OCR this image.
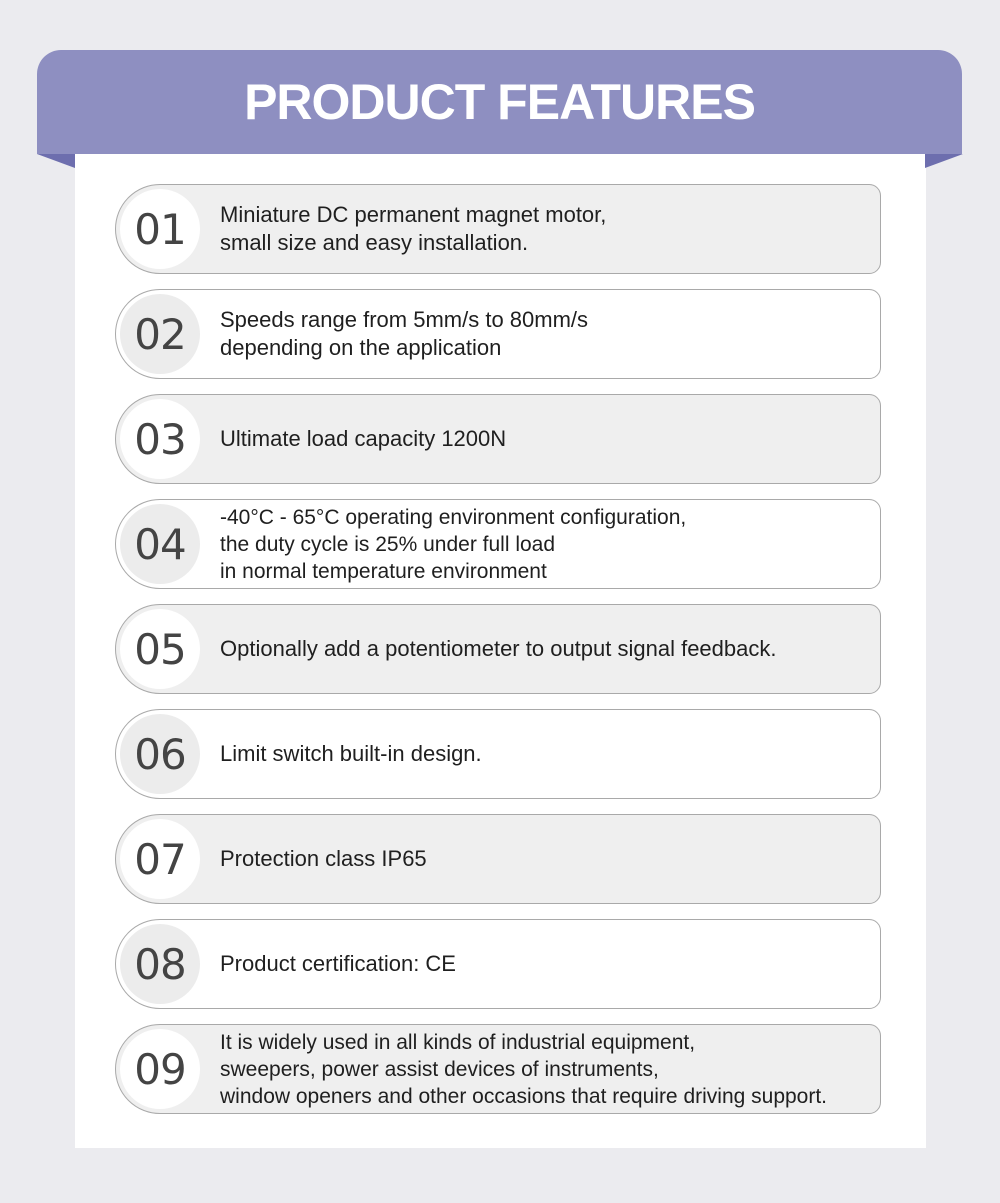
PRODUCT FEATURES
01 Miniature DC permanent magnet motor,
small size and easy installation.
02 Speeds range from 5mm/s to 80mm/s
depending on the application
03 Ultimate load capacity 1200N
04
-40°C - 65°C operating environment configuration,
the duty cycle is 25% under full load
in normal temperature environment
05 Optionally add a potentiometer to output signal feedback.
06 Limit switch built-in design.
07 Protection class IP65
08 Product certification: CE
09
It is widely used in all kinds of industrial equipment,
sweepers, power assist devices of instruments,
window openers and other occasions that require driving support.
